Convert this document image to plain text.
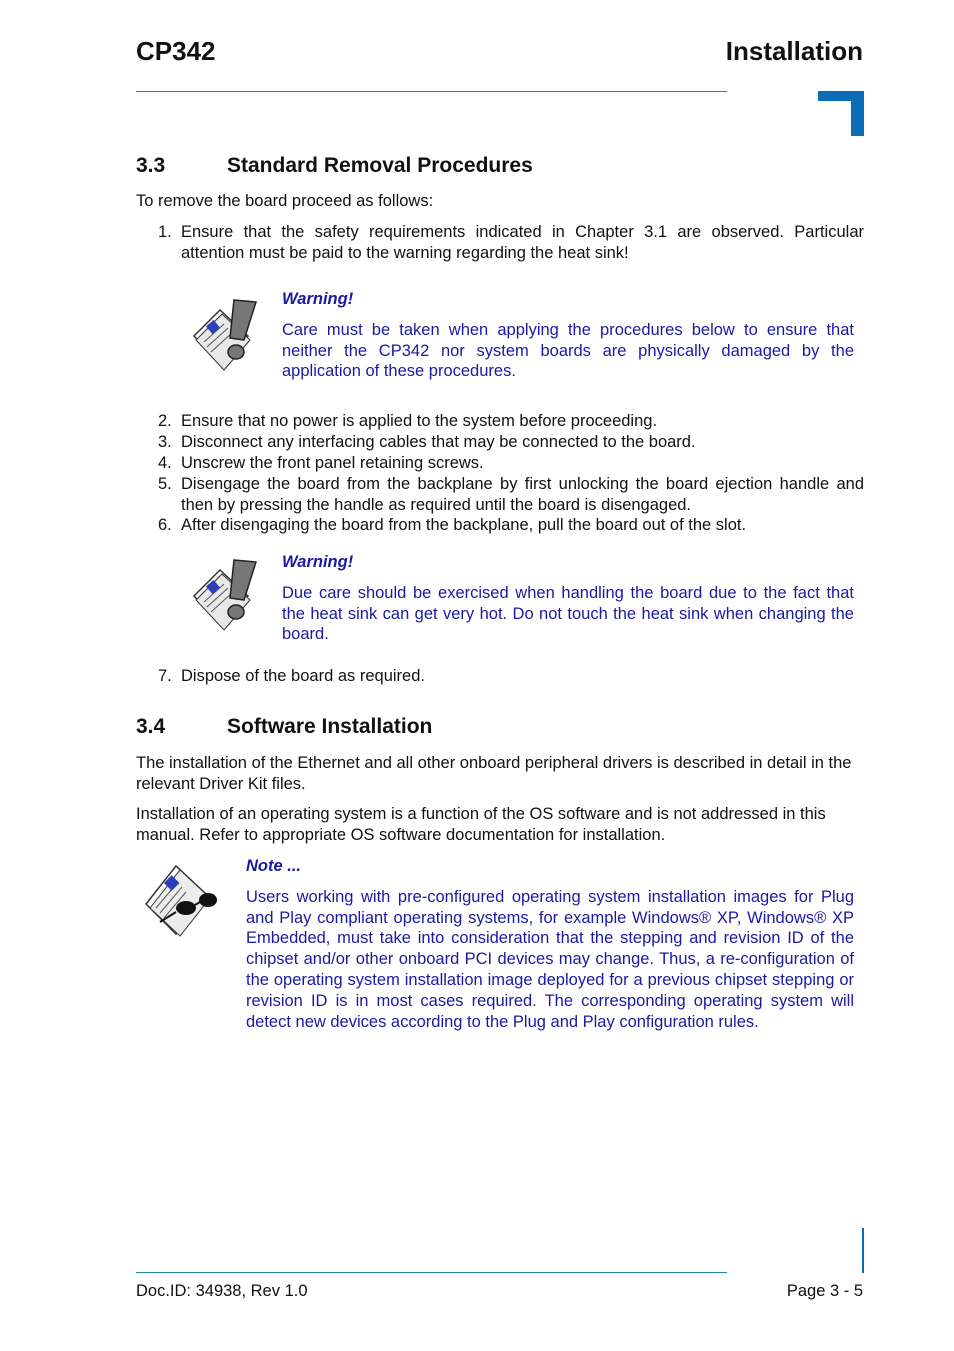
CP342	Installation
3.3	Standard Removal Procedures

To remove the board proceed as follows:

1. Ensure that the safety requirements indicated in Chapter 3.1 are observed. Particular attention must be paid to the warning regarding the heat sink!
Warning!
Care must be taken when applying the procedures below to ensure that neither the CP342 nor system boards are physically damaged by the application of these procedures.
2. Ensure that no power is applied to the system before proceeding.
3. Disconnect any interfacing cables that may be connected to the board.
4. Unscrew the front panel retaining screws.
5. Disengage the board from the backplane by first unlocking the board ejection handle and then by pressing the handle as required until the board is disengaged.
6. After disengaging the board from the backplane, pull the board out of the slot.
Warning!
Due care should be exercised when handling the board due to the fact that the heat sink can get very hot. Do not touch the heat sink when changing the board.
7. Dispose of the board as required.
3.4	Software Installation

The installation of the Ethernet and all other onboard peripheral drivers is described in detail in the relevant Driver Kit files.

Installation of an operating system is a function of the OS software and is not addressed in this manual. Refer to appropriate OS software documentation for installation.

Note ...
Users working with pre-configured operating system installation images for Plug and Play compliant operating systems, for example Windows® XP, Windows® XP Embedded, must take into consideration that the stepping and revision ID of the chipset and/or other onboard PCI devices may change. Thus, a re-configuration of the operating system installation image deployed for a previous chipset stepping or revision ID is in most cases required. The corresponding operating system will detect new devices according to the Plug and Play configuration rules.
Doc.ID: 34938, Rev 1.0	Page 3 - 5
